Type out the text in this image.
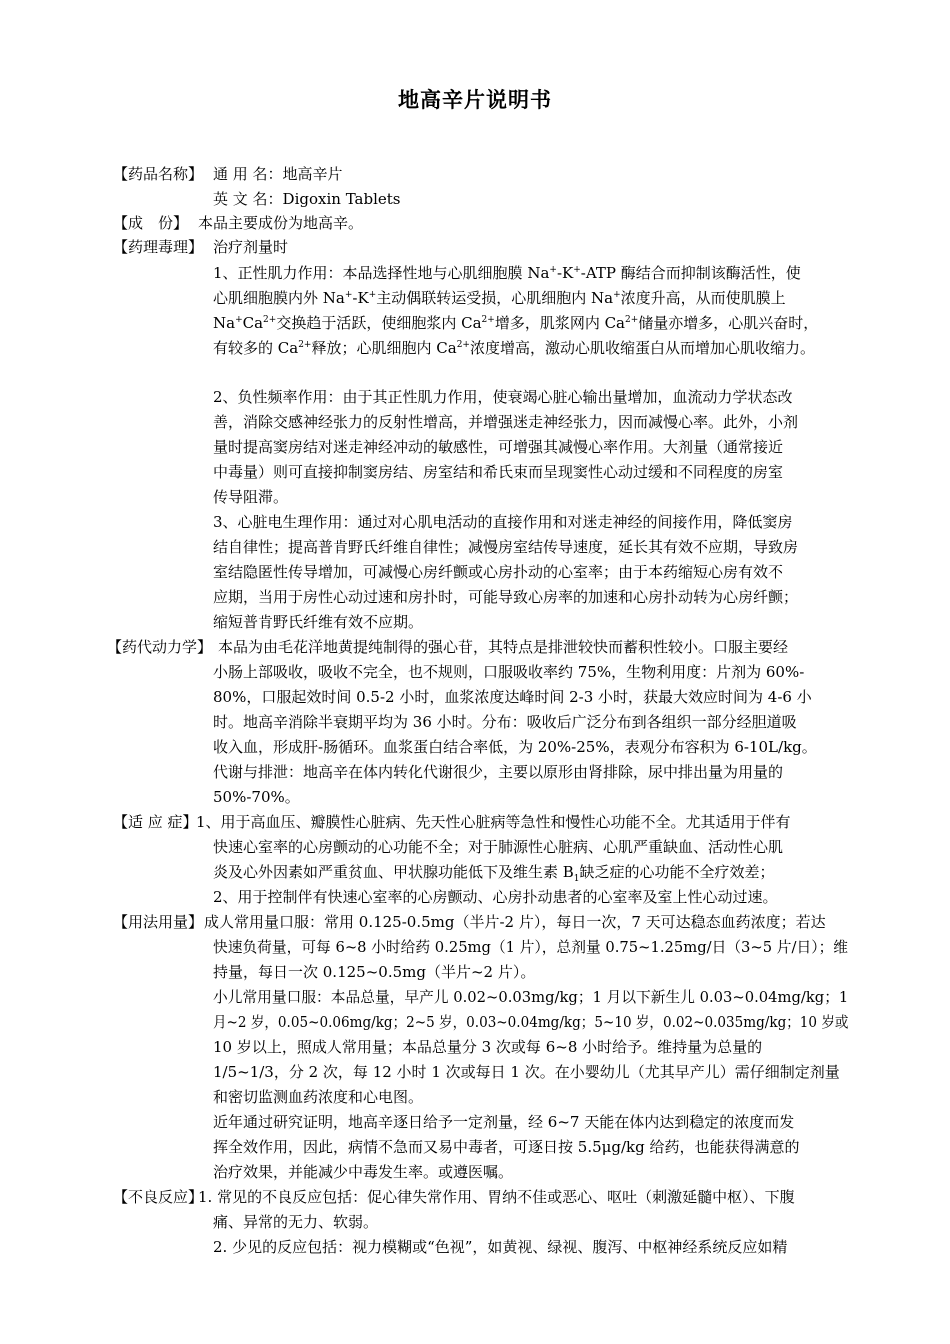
地高辛片说明书
【药品名称】 通 用 名：地高辛片
英 文 名：Digoxin Tablets
【成　份】 本品主要成份为地高辛。
【药理毒理】 治疗剂量时
1、正性肌力作用：本品选择性地与心肌细胞膜 Na+-K+-ATP 酶结合而抑制该酶活性，使
心肌细胞膜内外 Na+-K+主动偶联转运受损，心肌细胞内 Na+浓度升高，从而使肌膜上
$Na^+Ca^{2+}$交换趋于活跃，使细胞浆内 $Ca^{2+}$增多，肌浆网内 $Ca^{2+}$储量亦增多，心肌兴奋时，
有较多的 $Ca^{2+}$释放；心肌细胞内 $Ca^{2+}$浓度增高，激动心肌收缩蛋白从而增加心肌收缩力。
2、负性频率作用：由于其正性肌力作用，使衰竭心脏心输出量增加，血流动力学状态改
善，消除交感神经张力的反射性增高，并增强迷走神经张力，因而减慢心率。此外，小剂
量时提高窦房结对迷走神经冲动的敏感性，可增强其减慢心率作用。大剂量（通常接近
中毒量）则可直接抑制窦房结、房室结和希氏束而呈现窦性心动过缓和不同程度的房室
传导阻滞。
3、心脏电生理作用：通过对心肌电活动的直接作用和对迷走神经的间接作用，降低窦房
结自律性；提高普肯野氏纤维自律性；减慢房室结传导速度，延长其有效不应期，导致房
室结隐匿性传导增加，可减慢心房纤颤或心房扑动的心室率；由于本药缩短心房有效不
应期，当用于房性心动过速和房扑时，可能导致心房率的加速和心房扑动转为心房纤颤；
缩短普肯野氏纤维有效不应期。
【药代动力学】 本品为由毛花洋地黄提纯制得的强心苷，其特点是排泄较快而蓄积性较小。口服主要经
小肠上部吸收，吸收不完全，也不规则，口服吸收率约 75%，生物利用度：片剂为 60%-
80%，口服起效时间 0.5-2 小时，血浆浓度达峰时间 2-3 小时，获最大效应时间为 4-6 小
时。地高辛消除半衰期平均为 36 小时。分布：吸收后广泛分布到各组织一部分经胆道吸
收入血，形成肝-肠循环。血浆蛋白结合率低，为 20%-25%，表观分布容积为 6-10L/kg。
代谢与排泄：地高辛在体内转化代谢很少，主要以原形由肾排除，尿中排出量为用量的
50%-70%。
【适 应 症】
1、用于高血压、瓣膜性心脏病、先天性心脏病等急性和慢性心功能不全。尤其适用于伴有
快速心室率的心房颤动的心功能不全；对于肺源性心脏病、心肌严重缺血、活动性心肌
炎及心外因素如严重贫血、甲状腺功能低下及维生素 $B_1$缺乏症的心功能不全疗效差；
2、用于控制伴有快速心室率的心房颤动、心房扑动患者的心室率及室上性心动过速。
【用法用量】 成人常用量口服：常用 0.125-0.5mg（半片-2 片），每日一次，7 天可达稳态血药浓度；若达
快速负荷量，可每 6~8 小时给药 0.25mg（1 片），总剂量 0.75~1.25mg/日（3~5 片/日）；维
持量，每日一次 0.125~0.5mg（半片~2 片）。
小儿常用量口服：本品总量，早产儿 0.02~0.03mg/kg；1 月以下新生儿 0.03~0.04mg/kg；1
月~2 岁，0.05~0.06mg/kg；2~5 岁，0.03~0.04mg/kg；5~10 岁，0.02~0.035mg/kg；10 岁或
10 岁以上，照成人常用量；本品总量分 3 次或每 6~8 小时给予。维持量为总量的
1/5~1/3，分 2 次，每 12 小时 1 次或每日 1 次。在小婴幼儿（尤其早产儿）需仔细制定剂量
和密切监测血药浓度和心电图。
近年通过研究证明，地高辛逐日给予一定剂量，经 6~7 天能在体内达到稳定的浓度而发
挥全效作用，因此，病情不急而又易中毒者，可逐日按 5.5μg/kg 给药，也能获得满意的
治疗效果，并能减少中毒发生率。或遵医嘱。
【不良反应】
1. 常见的不良反应包括：促心律失常作用、胃纳不佳或恶心、呕吐（刺激延髓中枢）、下腹
痛、异常的无力、软弱。
2. 少见的反应包括：视力模糊或“色视”，如黄视、绿视、腹泻、中枢神经系统反应如精
